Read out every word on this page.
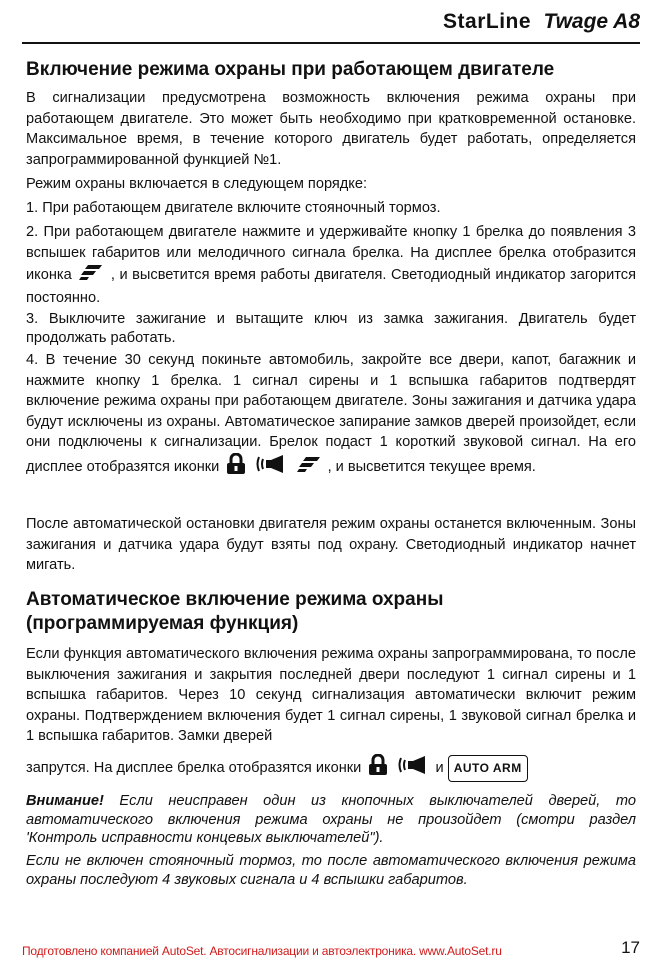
StarLine Twage A8
Включение режима охраны при работающем двигателе
В сигнализации предусмотрена возможность включения режима охраны при работающем двигателе. Это может быть необходимо при кратковременной остановке. Максимальное время, в течение которого двигатель будет работать, определяется запрограммированной функцией №1.
Режим охраны включается в следующем порядке:
1. При работающем двигателе включите стояночный тормоз.
2. При работающем двигателе нажмите и удерживайте кнопку 1 брелка до появления 3 вспышек габаритов или мелодичного сигнала брелка. На дисплее брелка отобразится иконка	, и высветится время работы двигателя. Светодиодный индикатор загорится постоянно.
3. Выключите зажигание и вытащите ключ из замка зажигания. Двигатель будет продолжать работать.
4. В течение 30 секунд покиньте автомобиль, закройте все двери, капот, багажник и нажмите кнопку 1 брелка. 1 сигнал сирены и 1 вспышка габаритов подтвердят включение режима охраны при работающем двигателе. Зоны зажигания и датчика удара будут исключены из охраны. Автоматическое запирание замков дверей произойдет, если они подключены к сигнализации. Брелок подаст 1 короткий звуковой сигнал. На его дисплее отобразятся иконки	, и высветится текущее время.
После автоматической остановки двигателя режим охраны останется включенным. Зоны зажигания и датчика удара будут взяты под охрану. Светодиодный индикатор начнет мигать.
Автоматическое включение режима охраны
(программируемая функция)
Если функция автоматического включения режима охраны запрограммирована, то после выключения зажигания и закрытия последней двери последуют 1 сигнал сирены и 1 вспышка габаритов. Через 10 секунд сигнализация автоматически включит режим охраны. Подтверждением включения будет 1 сигнал сирены, 1 звуковой сигнал брелка и 1 вспышка габаритов. Замки дверей
запрутся. На дисплее брелка отобразятся иконки	и AUTO ARM
Внимание! Если неисправен один из кнопочных выключателей дверей, то автоматического включения режима охраны не произойдет (смотри раздел 'Контроль исправности концевых выключателей").
Если не включен стояночный тормоз, то после автоматического включения режима охраны последуют 4 звуковых сигнала и 4 вспышки габаритов.
Подготовлено компанией AutoSet. Автосигнализации и автоэлектроника. www.AutoSet.ru	17
